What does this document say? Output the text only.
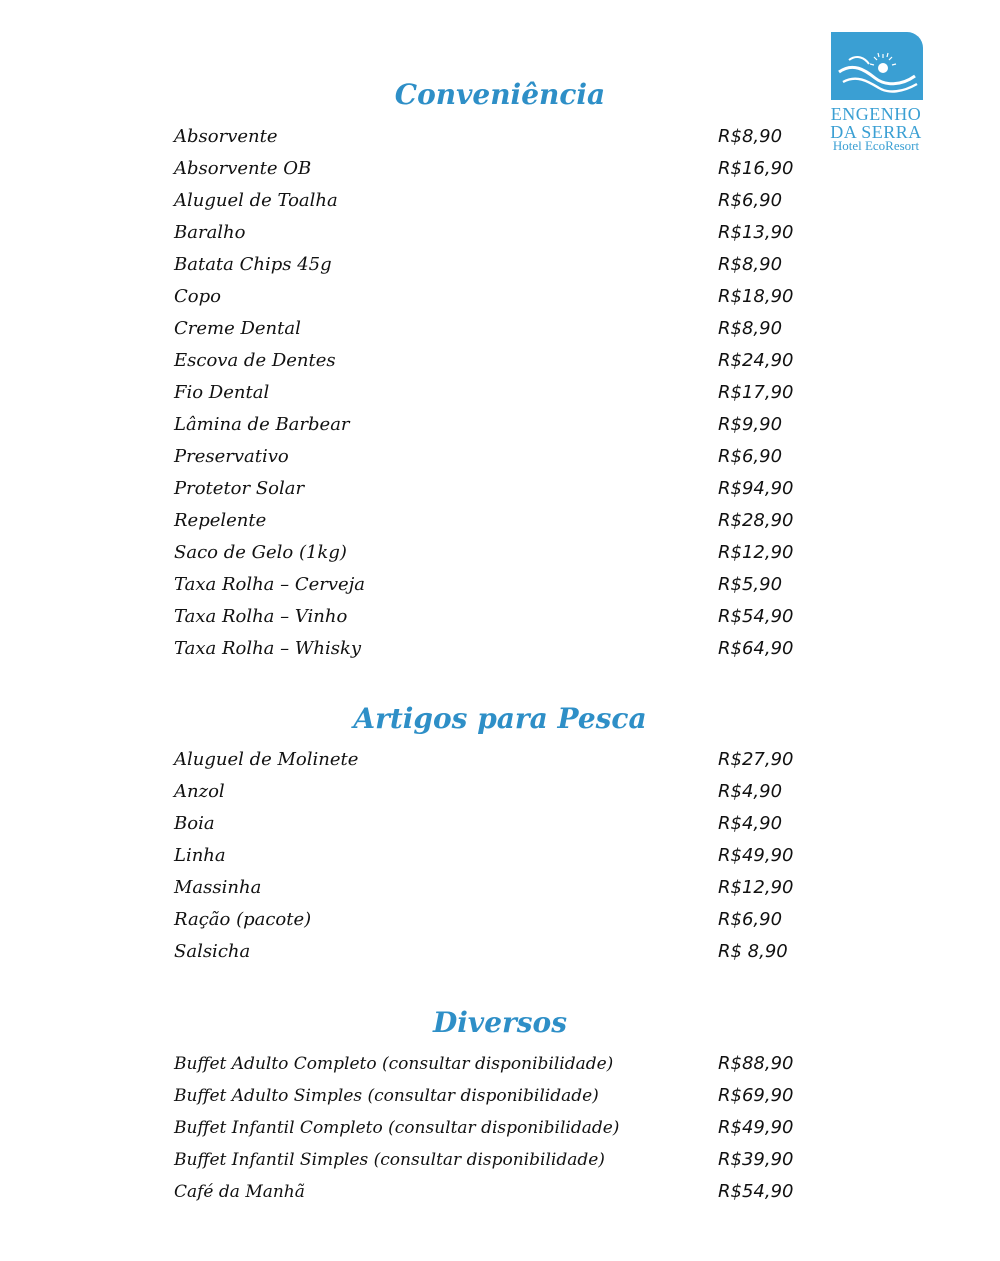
ENGENHO
DA SERRA
Hotel EcoResort
Conveniência
Absorvente	R$8,90
Absorvente OB	R$16,90
Aluguel de Toalha	R$6,90
Baralho	R$13,90
Batata Chips 45g	R$8,90
Copo	R$18,90
Creme Dental	R$8,90
Escova de Dentes	R$24,90
Fio Dental	R$17,90
Lâmina de Barbear	R$9,90
Preservativo	R$6,90
Protetor Solar	R$94,90
Repelente	R$28,90
Saco de Gelo (1kg)	R$12,90
Taxa Rolha – Cerveja	R$5,90
Taxa Rolha – Vinho	R$54,90
Taxa Rolha – Whisky	R$64,90
Artigos para Pesca
Aluguel de Molinete	R$27,90
Anzol	R$4,90
Boia	R$4,90
Linha	R$49,90
Massinha	R$12,90
Ração (pacote)	R$6,90
Salsicha	R$ 8,90
Diversos
Buffet Adulto Completo (consultar disponibilidade)	R$88,90
Buffet Adulto Simples (consultar disponibilidade)	R$69,90
Buffet Infantil Completo (consultar disponibilidade)	R$49,90
Buffet Infantil Simples (consultar disponibilidade)	R$39,90
Café da Manhã	R$54,90
